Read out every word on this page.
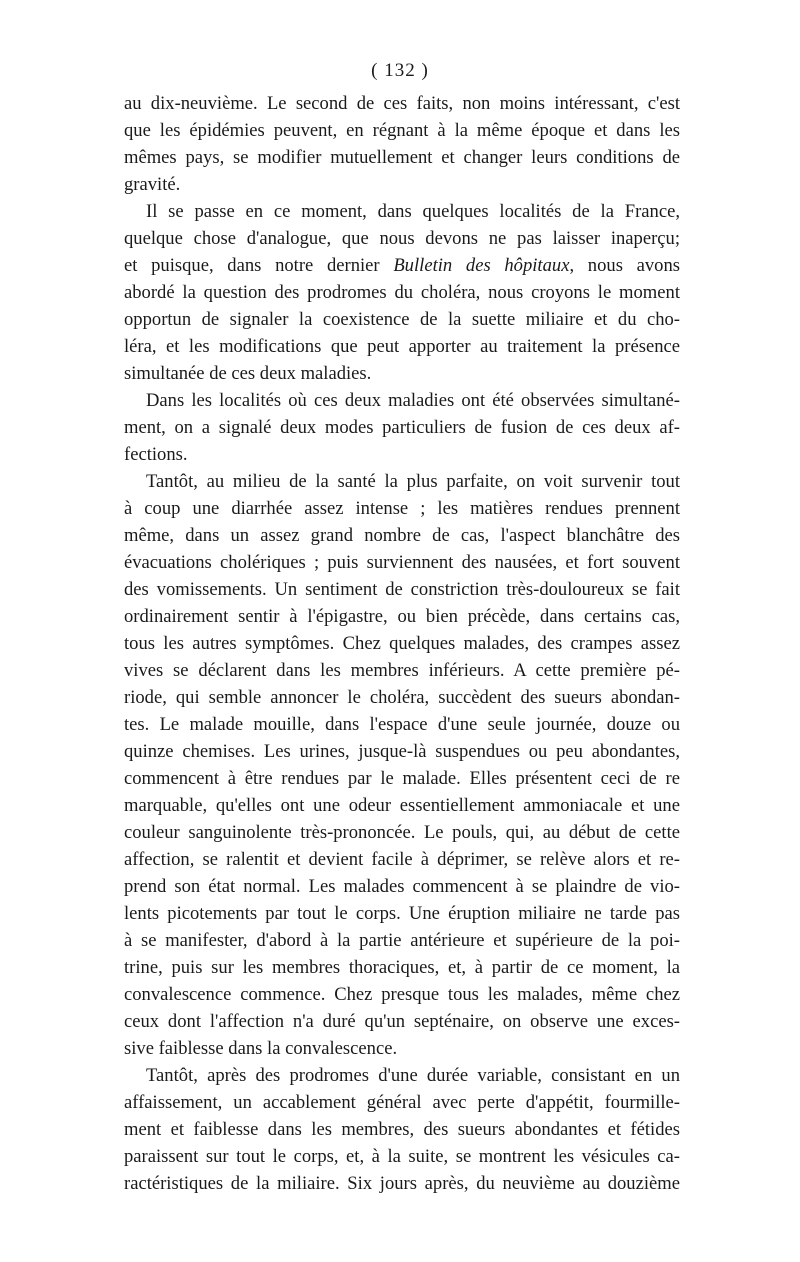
( 132 )
au dix-neuvième. Le second de ces faits, non moins intéressant, c'est
que les épidémies peuvent, en régnant à la même époque et dans les
mêmes pays, se modifier mutuellement et changer leurs conditions de
gravité.
Il se passe en ce moment, dans quelques localités de la France,
quelque chose d'analogue, que nous devons ne pas laisser inaperçu;
et puisque, dans notre dernier Bulletin des hôpitaux, nous avons
abordé la question des prodromes du choléra, nous croyons le moment
opportun de signaler la coexistence de la suette miliaire et du cho-
léra, et les modifications que peut apporter au traitement la présence
simultanée de ces deux maladies.
Dans les localités où ces deux maladies ont été observées simultané-
ment, on a signalé deux modes particuliers de fusion de ces deux af-
fections.
Tantôt, au milieu de la santé la plus parfaite, on voit survenir tout
à coup une diarrhée assez intense ; les matières rendues prennent
même, dans un assez grand nombre de cas, l'aspect blanchâtre des
évacuations cholériques ; puis surviennent des nausées, et fort souvent
des vomissements. Un sentiment de constriction très-douloureux se fait
ordinairement sentir à l'épigastre, ou bien précède, dans certains cas,
tous les autres symptômes. Chez quelques malades, des crampes assez
vives se déclarent dans les membres inférieurs. A cette première pé-
riode, qui semble annoncer le choléra, succèdent des sueurs abondan-
tes. Le malade mouille, dans l'espace d'une seule journée, douze ou
quinze chemises. Les urines, jusque-là suspendues ou peu abondantes,
commencent à être rendues par le malade. Elles présentent ceci de re
marquable, qu'elles ont une odeur essentiellement ammoniacale et une
couleur sanguinolente très-prononcée. Le pouls, qui, au début de cette
affection, se ralentit et devient facile à déprimer, se relève alors et re-
prend son état normal. Les malades commencent à se plaindre de vio-
lents picotements par tout le corps. Une éruption miliaire ne tarde pas
à se manifester, d'abord à la partie antérieure et supérieure de la poi-
trine, puis sur les membres thoraciques, et, à partir de ce moment, la
convalescence commence. Chez presque tous les malades, même chez
ceux dont l'affection n'a duré qu'un septénaire, on observe une exces-
sive faiblesse dans la convalescence.
Tantôt, après des prodromes d'une durée variable, consistant en un
affaissement, un accablement général avec perte d'appétit, fourmille-
ment et faiblesse dans les membres, des sueurs abondantes et fétides
paraissent sur tout le corps, et, à la suite, se montrent les vésicules ca-
ractéristiques de la miliaire. Six jours après, du neuvième au douzième
